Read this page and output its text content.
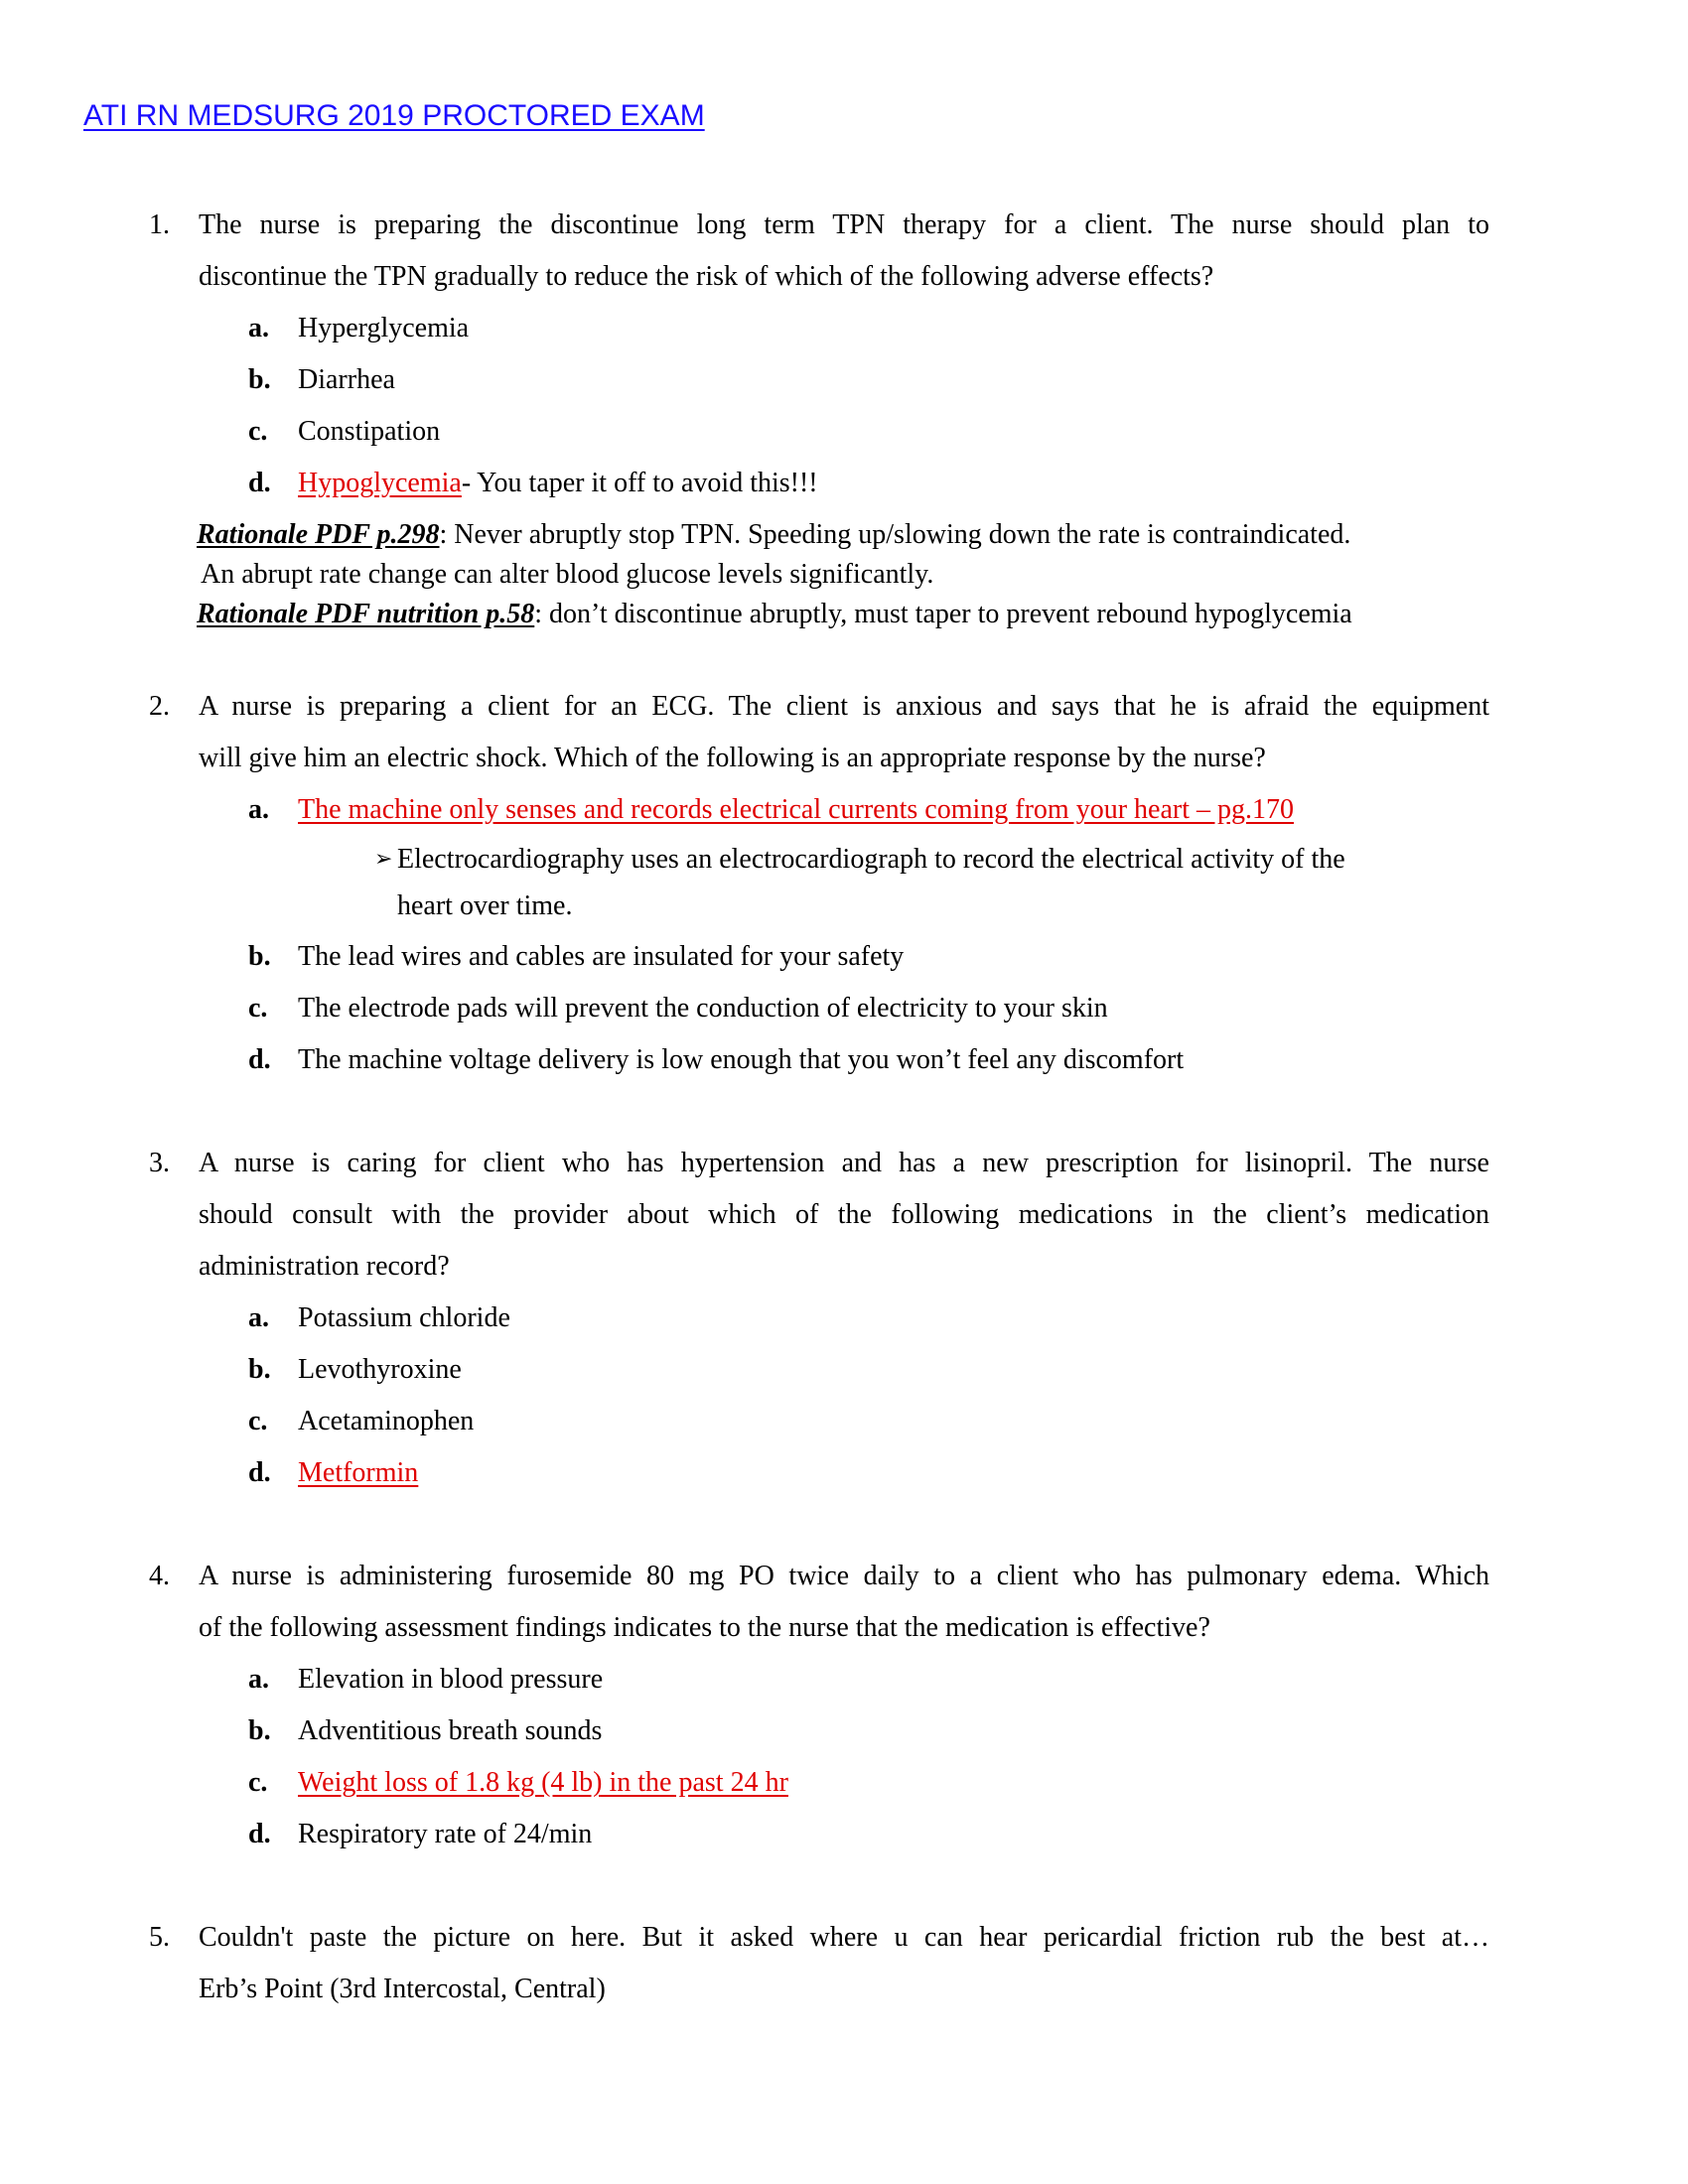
ATI RN MEDSURG 2019 PROCTORED EXAM
1. The nurse is preparing the discontinue long term TPN therapy for a client. The nurse should plan to
discontinue the TPN gradually to reduce the risk of which of the following adverse effects?
a. Hyperglycemia
b. Diarrhea
c. Constipation
d. Hypoglycemia- You taper it off to avoid this!!!
Rationale PDF p.298: Never abruptly stop TPN. Speeding up/slowing down the rate is contraindicated.
An abrupt rate change can alter blood glucose levels significantly.
Rationale PDF nutrition p.58: don’t discontinue abruptly, must taper to prevent rebound hypoglycemia
2. A nurse is preparing a client for an ECG. The client is anxious and says that he is afraid the equipment
will give him an electric shock. Which of the following is an appropriate response by the nurse?
a. The machine only senses and records electrical currents coming from your heart – pg.170
➢ Electrocardiography uses an electrocardiograph to record the electrical activity of the
heart over time.
b. The lead wires and cables are insulated for your safety
c. The electrode pads will prevent the conduction of electricity to your skin
d. The machine voltage delivery is low enough that you won’t feel any discomfort
3. A nurse is caring for client who has hypertension and has a new prescription for lisinopril. The nurse
should consult with the provider about which of the following medications in the client’s medication
administration record?
a. Potassium chloride
b. Levothyroxine
c. Acetaminophen
d. Metformin
4. A nurse is administering furosemide 80 mg PO twice daily to a client who has pulmonary edema. Which
of the following assessment findings indicates to the nurse that the medication is effective?
a. Elevation in blood pressure
b. Adventitious breath sounds
c. Weight loss of 1.8 kg (4 lb) in the past 24 hr
d. Respiratory rate of 24/min
5. Couldn't paste the picture on here. But it asked where u can hear pericardial friction rub the best at…
Erb’s Point (3rd Intercostal, Central)
